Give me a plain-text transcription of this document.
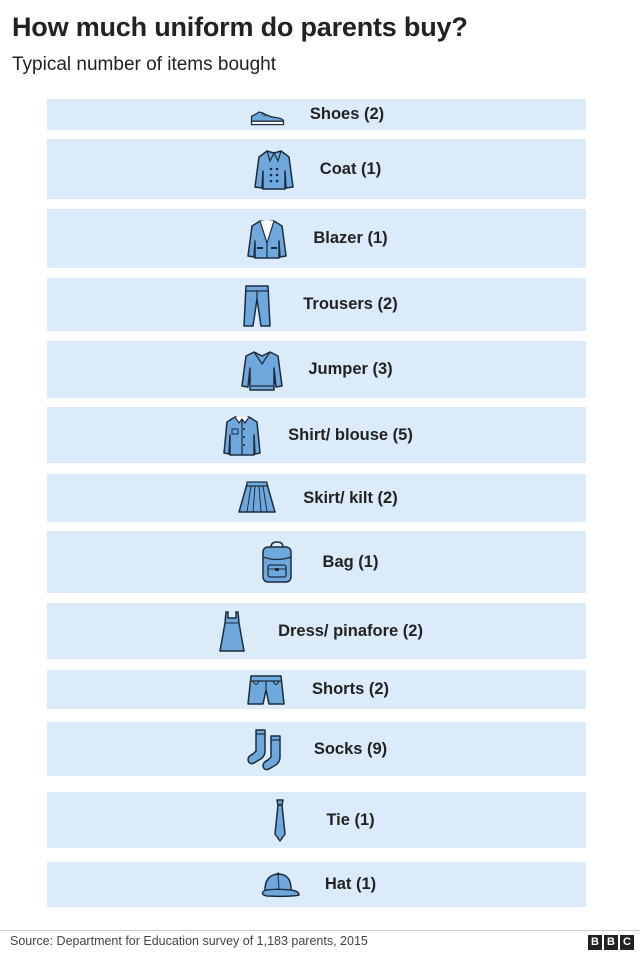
How much uniform do parents buy?
Typical number of items bought
Shoes (2)
Coat (1)
Blazer (1)
Trousers (2)
Jumper (3)
Shirt/ blouse (5)
Skirt/ kilt (2)
Bag (1)
Dress/ pinafore (2)
Shorts (2)
Socks (9)
Tie (1)
Hat (1)
Source: Department for Education survey of 1,183 parents, 2015	B B C
